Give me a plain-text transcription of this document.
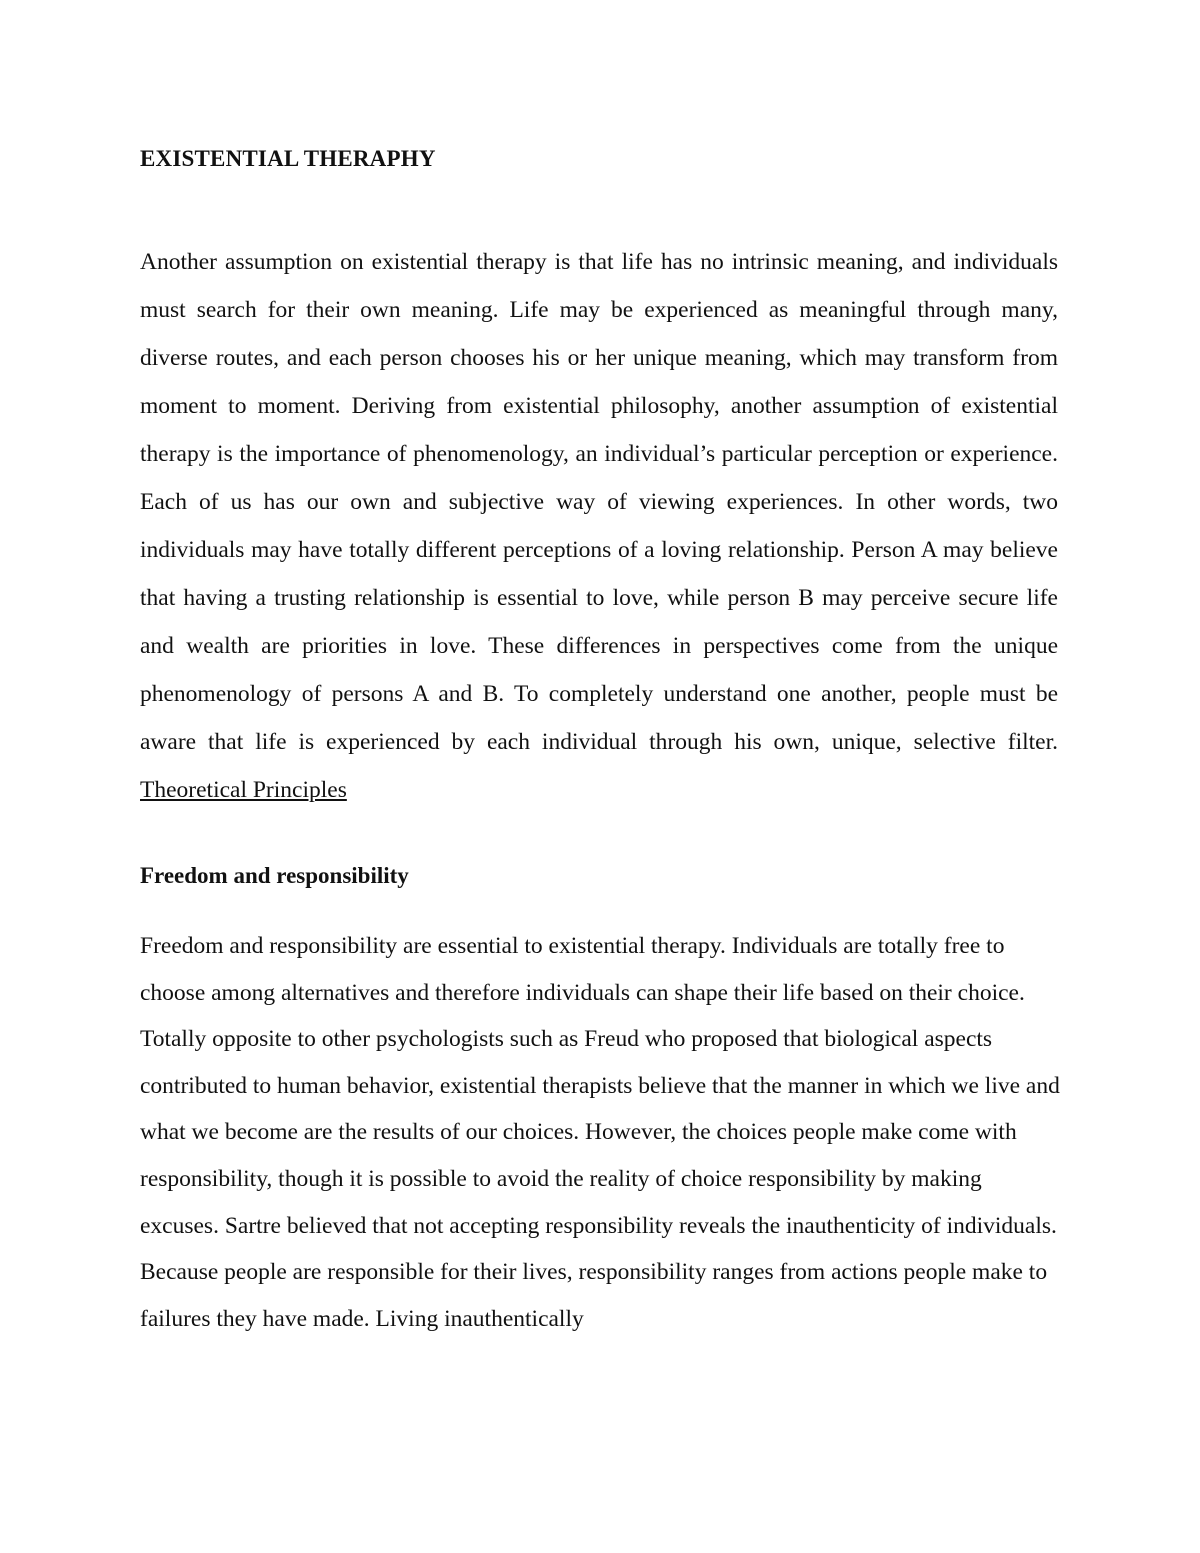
EXISTENTIAL THERAPHY

Another assumption on existential therapy is that life has no intrinsic meaning, and individuals must search for their own meaning. Life may be experienced as meaningful through many, diverse routes, and each person chooses his or her unique meaning, which may transform from moment to moment. Deriving from existential philosophy, another assumption of existential therapy is the importance of phenomenology, an individual’s particular perception or experience. Each of us has our own and subjective way of viewing experiences. In other words, two individuals may have totally different perceptions of a loving relationship. Person A may believe that having a trusting relationship is essential to love, while person B may perceive secure life and wealth are priorities in love. These differences in perspectives come from the unique phenomenology of persons A and B. To completely understand one another, people must be aware that life is experienced by each individual through his own, unique, selective filter. Theoretical Principles

Freedom and responsibility

Freedom and responsibility are essential to existential therapy. Individuals are totally free to choose among alternatives and therefore individuals can shape their life based on their choice. Totally opposite to other psychologists such as Freud who proposed that biological aspects contributed to human behavior, existential therapists believe that the manner in which we live and what we become are the results of our choices. However, the choices people make come with responsibility, though it is possible to avoid the reality of choice responsibility by making excuses. Sartre believed that not accepting responsibility reveals the inauthenticity of individuals. Because people are responsible for their lives, responsibility ranges from actions people make to failures they have made. Living inauthentically
